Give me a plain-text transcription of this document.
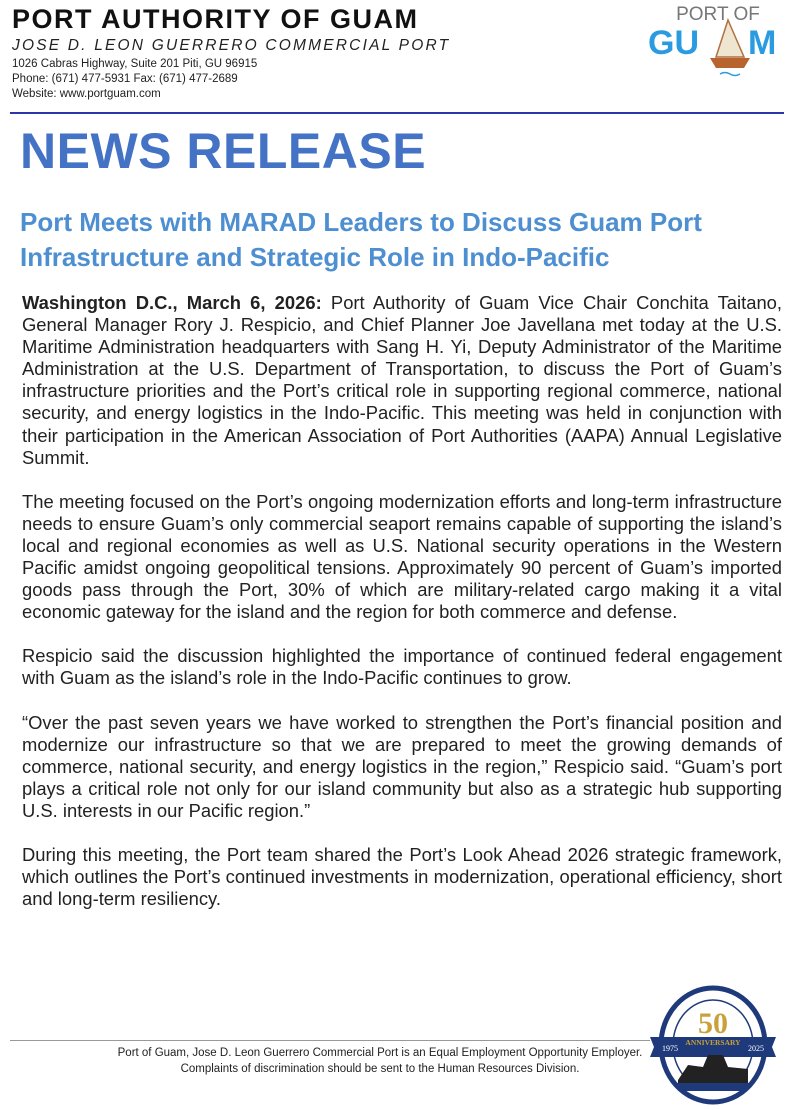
PORT AUTHORITY OF GUAM
JOSE D. LEON GUERRERO COMMERCIAL PORT
1026 Cabras Highway, Suite 201 Piti, GU 96915
Phone: (671) 477-5931 Fax: (671) 477-2689
Website: www.portguam.com
PORT OF
GU M
NEWS RELEASE
Port Meets with MARAD Leaders to Discuss Guam Port Infrastructure and Strategic Role in Indo-Pacific

Washington D.C., March 6, 2026: Port Authority of Guam Vice Chair Conchita Taitano, General Manager Rory J. Respicio, and Chief Planner Joe Javellana met today at the U.S. Maritime Administration headquarters with Sang H. Yi, Deputy Administrator of the Maritime Administration at the U.S. Department of Transportation, to discuss the Port of Guam’s infrastructure priorities and the Port’s critical role in supporting regional commerce, national security, and energy logistics in the Indo-Pacific. This meeting was held in conjunction with their participation in the American Association of Port Authorities (AAPA) Annual Legislative Summit.

The meeting focused on the Port’s ongoing modernization efforts and long-term infrastructure needs to ensure Guam’s only commercial seaport remains capable of supporting the island’s local and regional economies as well as U.S. National security operations in the Western Pacific amidst ongoing geopolitical tensions. Approximately 90 percent of Guam’s imported goods pass through the Port, 30% of which are military-related cargo making it a vital economic gateway for the island and the region for both commerce and defense.

Respicio said the discussion highlighted the importance of continued federal engagement with Guam as the island’s role in the Indo-Pacific continues to grow.

“Over the past seven years we have worked to strengthen the Port’s financial position and modernize our infrastructure so that we are prepared to meet the growing demands of commerce, national security, and energy logistics in the region,” Respicio said. “Guam’s port plays a critical role not only for our island community but also as a strategic hub supporting U.S. interests in our Pacific region.”

During this meeting, the Port team shared the Port’s Look Ahead 2026 strategic framework, which outlines the Port’s continued investments in modernization, operational efficiency, short and long-term resiliency.

Port of Guam, Jose D. Leon Guerrero Commercial Port is an Equal Employment Opportunity Employer.
Complaints of discrimination should be sent to the Human Resources Division.
1975	2025
50
ANNIVERSARY
